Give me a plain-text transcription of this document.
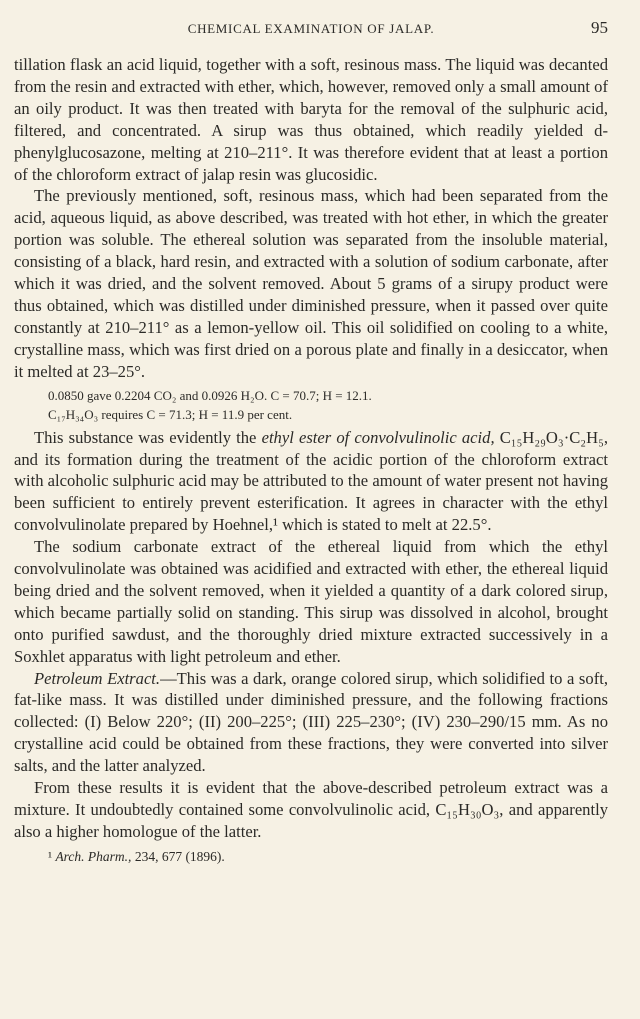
CHEMICAL EXAMINATION OF JALAP.	95

tillation flask an acid liquid, together with a soft, resinous mass. The liquid was decanted from the resin and extracted with ether, which, however, removed only a small amount of an oily product. It was then treated with baryta for the removal of the sulphuric acid, filtered, and concentrated. A sirup was thus obtained, which readily yielded d-phenylglucosazone, melting at 210–211°. It was therefore evident that at least a portion of the chloroform extract of jalap resin was glucosidic.

The previously mentioned, soft, resinous mass, which had been separated from the acid, aqueous liquid, as above described, was treated with hot ether, in which the greater portion was soluble. The ethereal solution was separated from the insoluble material, consisting of a black, hard resin, and extracted with a solution of sodium carbonate, after which it was dried, and the solvent removed. About 5 grams of a sirupy product were thus obtained, which was distilled under diminished pressure, when it passed over quite constantly at 210–211° as a lemon-yellow oil. This oil solidified on cooling to a white, crystalline mass, which was first dried on a porous plate and finally in a desiccator, when it melted at 23–25°.

0.0850 gave 0.2204 CO₂ and 0.0926 H₂O. C = 70.7; H = 12.1.
C₁₇H₃₄O₃ requires C = 71.3; H = 11.9 per cent.

This substance was evidently the ethyl ester of convolvulinolic acid, C₁₅H₂₉O₃·C₂H₅, and its formation during the treatment of the acidic portion of the chloroform extract with alcoholic sulphuric acid may be attributed to the amount of water present not having been sufficient to entirely prevent esterification. It agrees in character with the ethyl convolvulinolate prepared by Hoehnel,¹ which is stated to melt at 22.5°.

The sodium carbonate extract of the ethereal liquid from which the ethyl convolvulinolate was obtained was acidified and extracted with ether, the ethereal liquid being dried and the solvent removed, when it yielded a quantity of a dark colored sirup, which became partially solid on standing. This sirup was dissolved in alcohol, brought onto purified sawdust, and the thoroughly dried mixture extracted successively in a Soxhlet apparatus with light petroleum and ether.

Petroleum Extract.—This was a dark, orange colored sirup, which solidified to a soft, fat-like mass. It was distilled under diminished pressure, and the following fractions collected: (I) Below 220°; (II) 200–225°; (III) 225–230°; (IV) 230–290/15 mm. As no crystalline acid could be obtained from these fractions, they were converted into silver salts, and the latter analyzed.

From these results it is evident that the above-described petroleum extract was a mixture. It undoubtedly contained some convolvulinolic acid, C₁₅H₃₀O₃, and apparently also a higher homologue of the latter.

¹ Arch. Pharm., 234, 677 (1896).
